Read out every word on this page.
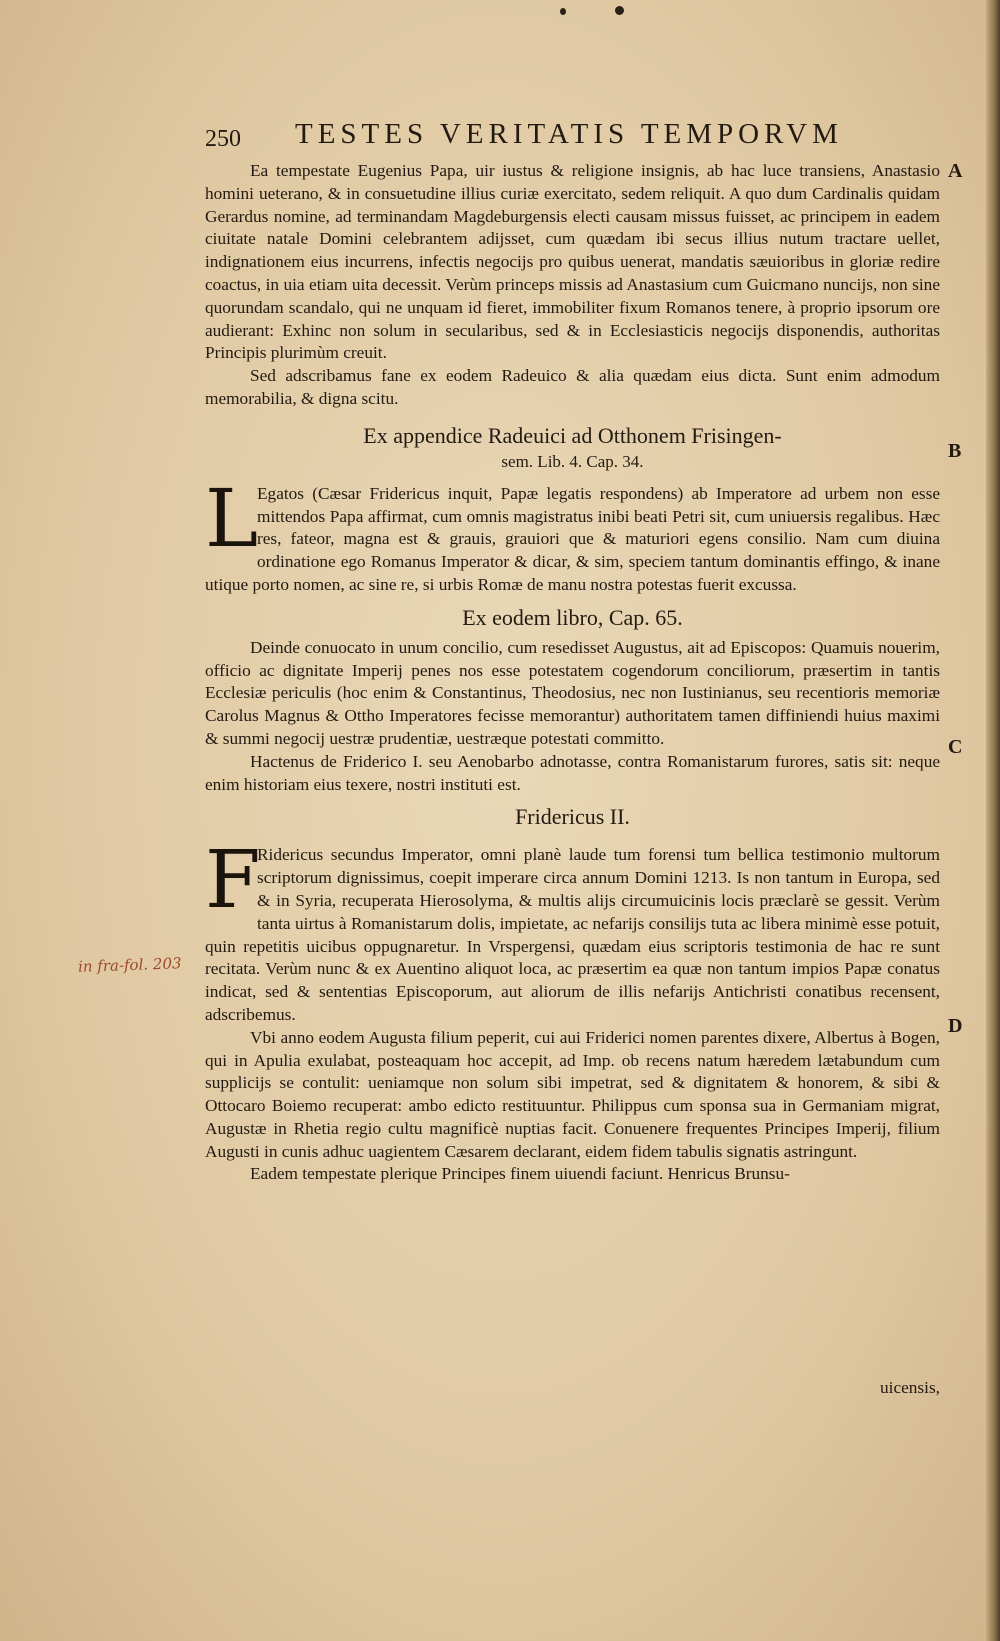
250 TESTES VERITATIS TEMPORVM

Ea tempestate Eugenius Papa, uir iustus & religione insignis, ab hac luce transiens, Anastasio homini ueterano, & in consuetudine illius curiæ exercitato, sedem reliquit. A quo dum Cardinalis quidam Gerardus nomine, ad terminandam Magdeburgensis electi causam missus fuisset, ac principem in eadem ciuitate natale Domini celebrantem adijsset, cum quædam ibi secus illius nutum tractare uellet, indignationem eius incurrens, infectis negocijs pro quibus uenerat, mandatis sæuioribus in gloriæ redire coactus, in uia etiam uita decessit. Verùm princeps missis ad Anastasium cum Guicmano nuncijs, non sine quorundam scandalo, qui ne unquam id fieret, immobiliter fixum Romanos tenere, à proprio ipsorum ore audierant: Exhinc non solum in secularibus, sed & in Ecclesiasticis negocijs disponendis, authoritas Principis plurimùm creuit.

Sed adscribamus fane ex eodem Radeuico & alia quædam eius dicta. Sunt enim admodum memorabilia, & digna scitu.

Ex appendice Radeuici ad Otthonem Frisingen-
sem. Lib. 4. Cap. 34.
L

Egatos (Cæsar Fridericus inquit, Papæ legatis respondens) ab Imperatore ad urbem non esse mittendos Papa affirmat, cum omnis magistratus inibi beati Petri sit, cum uniuersis regalibus. Hæc res, fateor, magna est & grauis, grauiori que & maturiori egens consilio. Nam cum diuina ordinatione ego Romanus Imperator & dicar, & sim, speciem tantum dominantis effingo, & inane utique porto nomen, ac sine re, si urbis Romæ de manu nostra potestas fuerit excussa.

Ex eodem libro, Cap. 65.

Deinde conuocato in unum concilio, cum resedisset Augustus, ait ad Episcopos: Quamuis nouerim, officio ac dignitate Imperij penes nos esse potestatem cogendorum conciliorum, præsertim in tantis Ecclesiæ periculis (hoc enim & Constantinus, Theodosius, nec non Iustinianus, seu recentioris memoriæ Carolus Magnus & Ottho Imperatores fecisse memorantur) authoritatem tamen diffiniendi huius maximi & summi negocij uestræ prudentiæ, uestræque potestati committo.

Hactenus de Friderico I. seu Aenobarbo adnotasse, contra Romanistarum furores, satis sit: neque enim historiam eius texere, nostri instituti est.

Fridericus II.
F

Ridericus secundus Imperator, omni planè laude tum forensi tum bellica testimonio multorum scriptorum dignissimus, coepit imperare circa annum Domini 1213. Is non tantum in Europa, sed & in Syria, recuperata Hierosolyma, & multis alijs circumuicinis locis præclarè se gessit. Verùm tanta uirtus à Romanistarum dolis, impietate, ac nefarijs consilijs tuta ac libera minimè esse potuit, quin repetitis uicibus oppugnaretur. In Vrspergensi, quædam eius scriptoris testimonia de hac re sunt recitata. Verùm nunc & ex Auentino aliquot loca, ac præsertim ea quæ non tantum impios Papæ conatus indicat, sed & sententias Episcoporum, aut aliorum de illis nefarijs Antichristi conatibus recensent, adscribemus.

Vbi anno eodem Augusta filium peperit, cui aui Friderici nomen parentes dixere, Albertus à Bogen, qui in Apulia exulabat, posteaquam hoc accepit, ad Imp. ob recens natum hæredem lætabundum cum supplicijs se contulit: ueniamque non solum sibi impetrat, sed & dignitatem & honorem, & sibi & Ottocaro Boiemo recuperat: ambo edicto restituuntur. Philippus cum sponsa sua in Germaniam migrat, Augustæ in Rhetia regio cultu magnificè nuptias facit. Conuenere frequentes Principes Imperij, filium Augusti in cunis adhuc uagientem Cæsarem declarant, eidem fidem tabulis signatis astringunt.

Eadem tempestate plerique Principes finem uiuendi faciunt. Henricus Brunsu-

uicensis,
A
B
C
D
in fra-fol. 203
